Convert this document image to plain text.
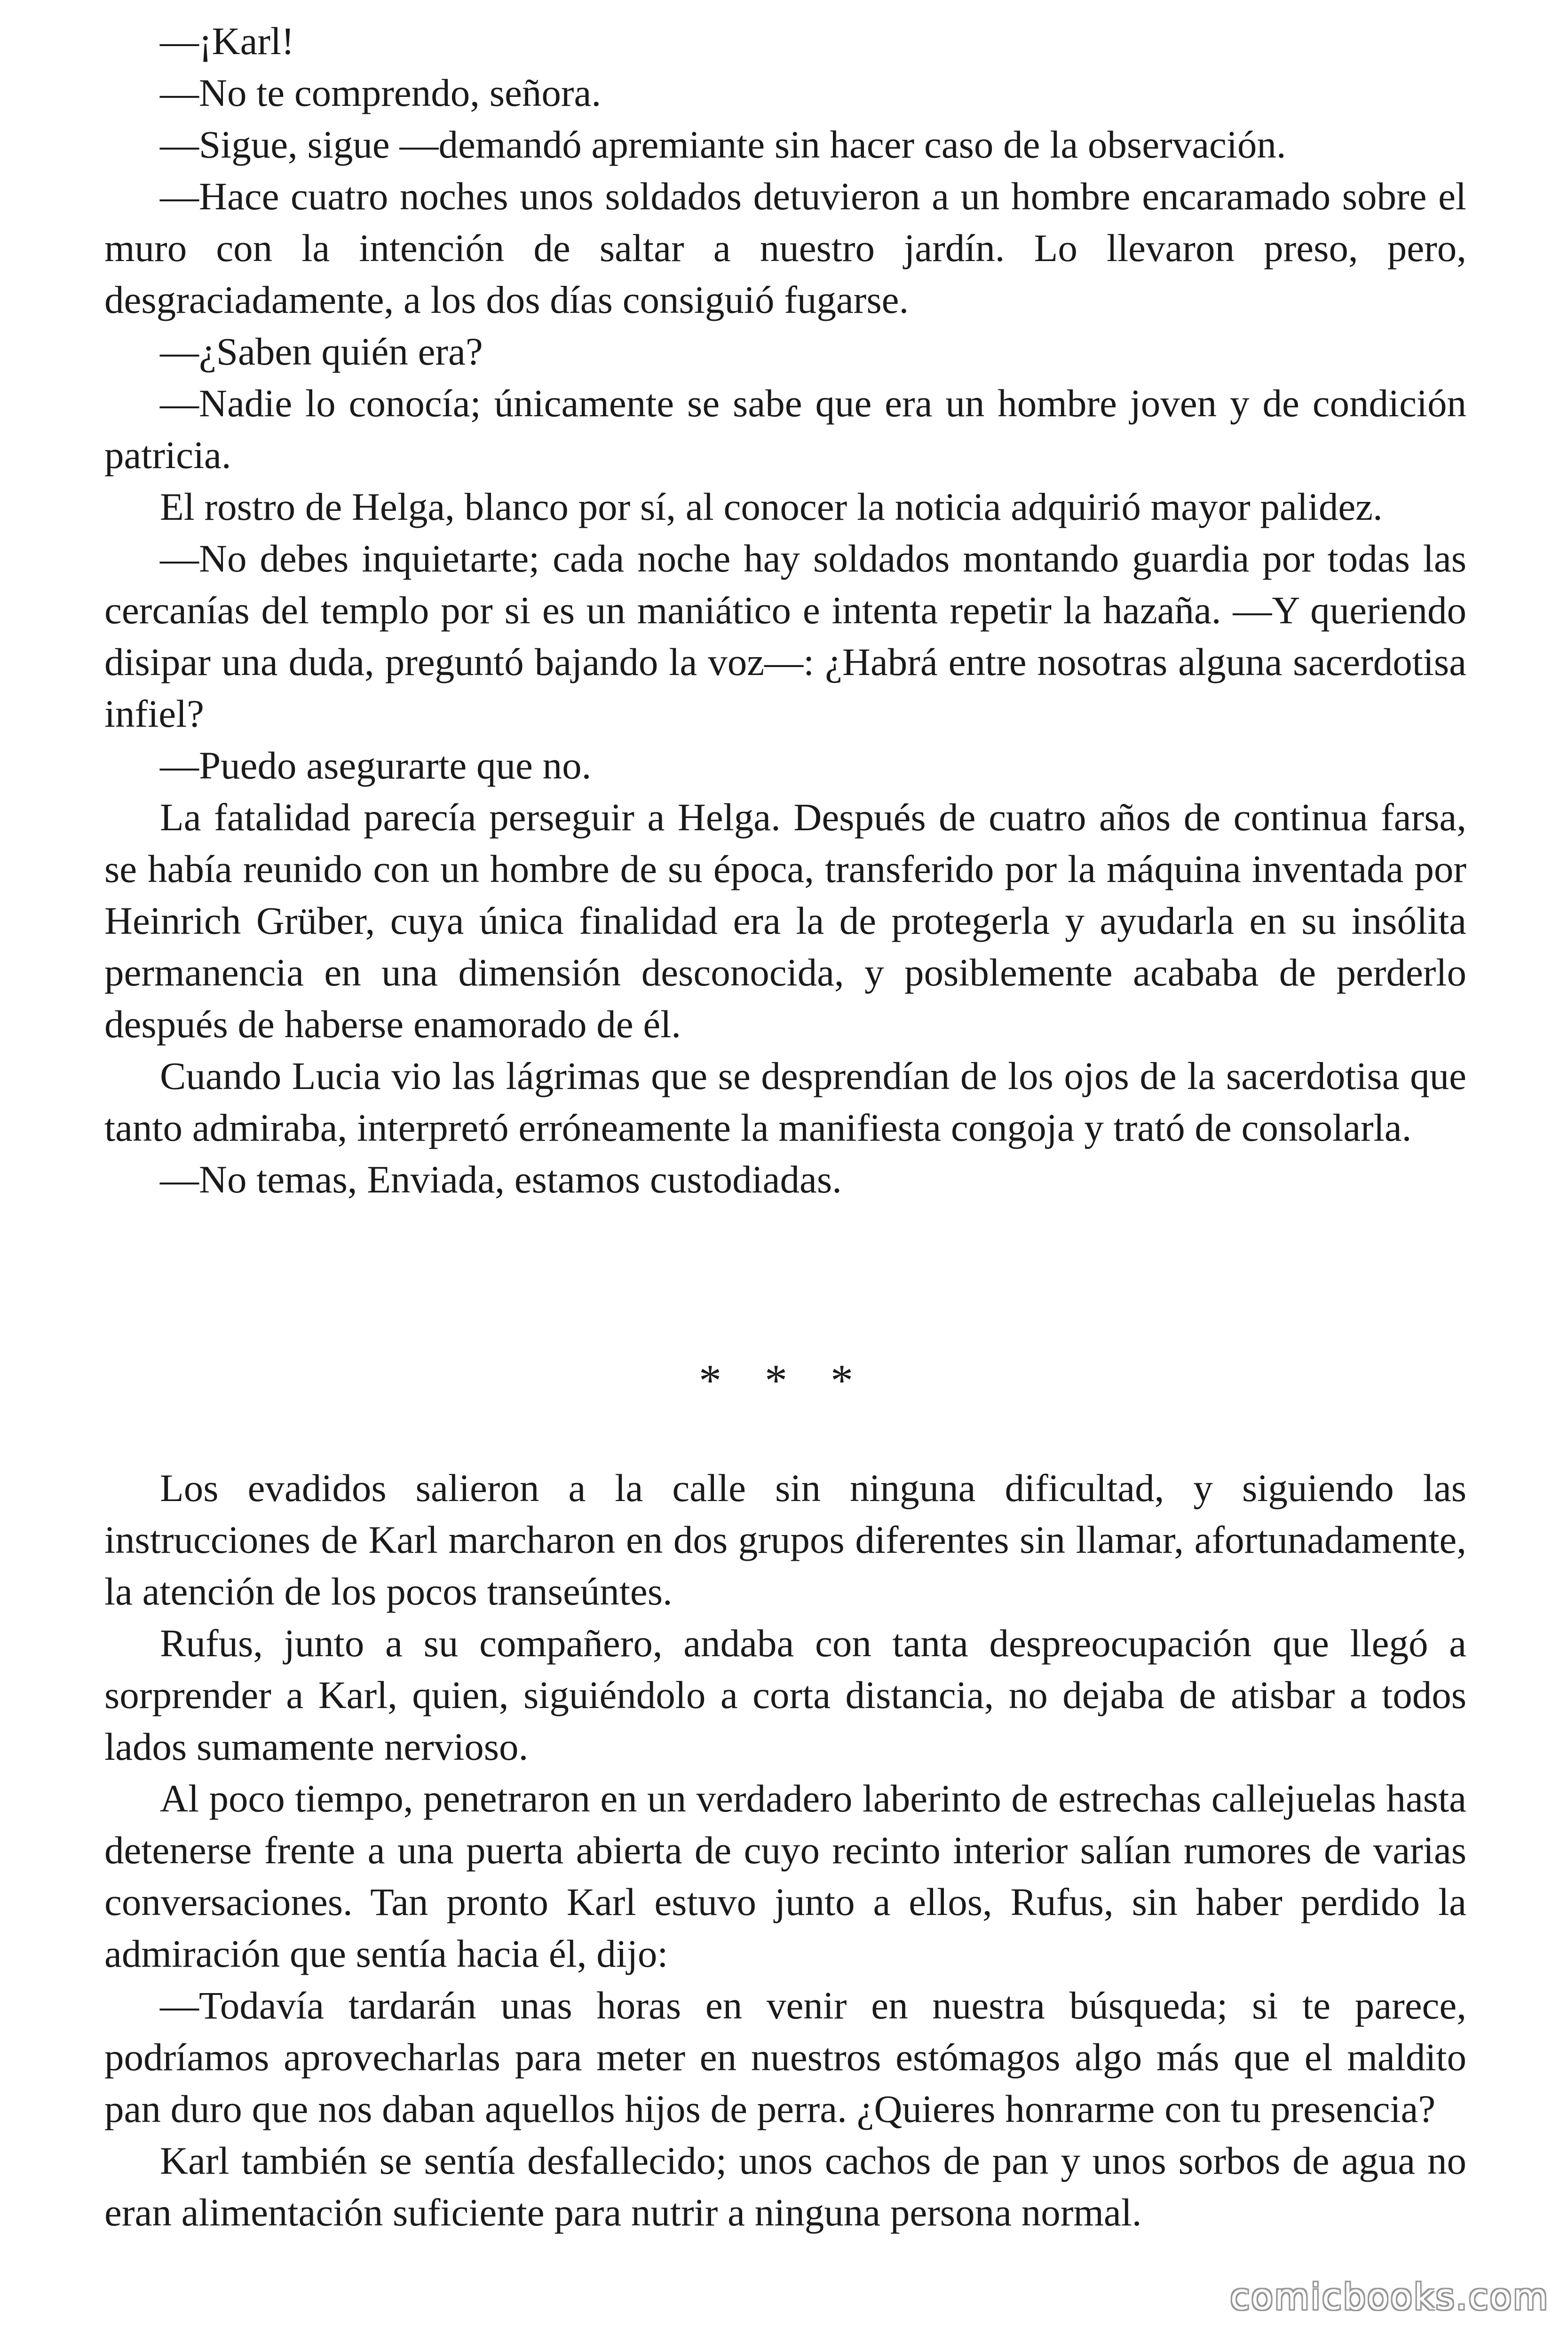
—¡Karl!

—No te comprendo, señora.

—Sigue, sigue —demandó apremiante sin hacer caso de la observación.

—Hace cuatro noches unos soldados detuvieron a un hombre encaramado sobre el muro con la intención de saltar a nuestro jardín. Lo llevaron preso, pero, desgraciadamente, a los dos días consiguió fugarse.

—¿Saben quién era?

—Nadie lo conocía; únicamente se sabe que era un hombre joven y de condición patricia.

El rostro de Helga, blanco por sí, al conocer la noticia adquirió mayor palidez.

—No debes inquietarte; cada noche hay soldados montando guardia por todas las cercanías del templo por si es un maniático e intenta repetir la hazaña. —Y queriendo disipar una duda, preguntó bajando la voz—: ¿Habrá entre nosotras alguna sacerdotisa infiel?

—Puedo asegurarte que no.

La fatalidad parecía perseguir a Helga. Después de cuatro años de continua farsa, se había reunido con un hombre de su época, transferido por la máquina inventada por Heinrich Grüber, cuya única finalidad era la de protegerla y ayudarla en su insólita permanencia en una dimensión desconocida, y posiblemente acababa de perderlo después de haberse enamorado de él.

Cuando Lucia vio las lágrimas que se desprendían de los ojos de la sacerdotisa que tanto admiraba, interpretó erróneamente la manifiesta congoja y trató de consolarla.

—No temas, Enviada, estamos custodiadas.

* * *

Los evadidos salieron a la calle sin ninguna dificultad, y siguiendo las instrucciones de Karl marcharon en dos grupos diferentes sin llamar, afortunadamente, la atención de los pocos transeúntes.

Rufus, junto a su compañero, andaba con tanta despreocupación que llegó a sorprender a Karl, quien, siguiéndolo a corta distancia, no dejaba de atisbar a todos lados sumamente nervioso.

Al poco tiempo, penetraron en un verdadero laberinto de estrechas callejuelas hasta detenerse frente a una puerta abierta de cuyo recinto interior salían rumores de varias conversaciones. Tan pronto Karl estuvo junto a ellos, Rufus, sin haber perdido la admiración que sentía hacia él, dijo:

—Todavía tardarán unas horas en venir en nuestra búsqueda; si te parece, podríamos aprovecharlas para meter en nuestros estómagos algo más que el maldito pan duro que nos daban aquellos hijos de perra. ¿Quieres honrarme con tu presencia?

Karl también se sentía desfallecido; unos cachos de pan y unos sorbos de agua no eran alimentación suficiente para nutrir a ninguna persona normal.

comicbooks.com
